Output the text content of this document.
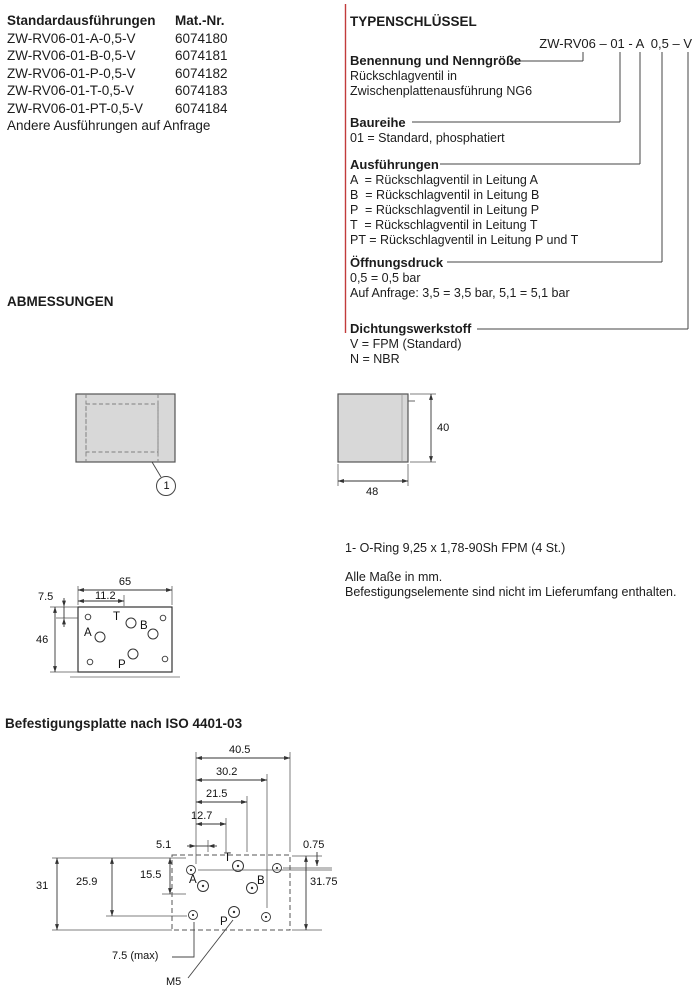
Standardausführungen	Mat.-Nr.
ZW-RV06-01-A-0,5-V	6074180
ZW-RV06-01-B-0,5-V	6074181
ZW-RV06-01-P-0,5-V	6074182
ZW-RV06-01-T-0,5-V	6074183
ZW-RV06-01-PT-0,5-V	6074184
Andere Ausführungen auf Anfrage
TYPENSCHLÜSSEL
ZW-RV06 – 01 - A  0,5 – V
Benennung und Nenngröße
Rückschlagventil in
Zwischenplattenausführung NG6
Baureihe
01 = Standard, phosphatiert
Ausführungen
A  = Rückschlagventil in Leitung A
B  = Rückschlagventil in Leitung B
P  = Rückschlagventil in Leitung P
T  = Rückschlagventil in Leitung T
PT = Rückschlagventil in Leitung P und T
Öffnungsdruck
0,5 = 0,5 bar
Auf Anfrage: 3,5 = 3,5 bar, 5,1 = 5,1 bar
Dichtungswerkstoff
V = FPM (Standard)
N = NBR
ABMESSUNGEN
Befestigungsplatte nach ISO 4401-03
1- O-Ring 9,25 x 1,78-90Sh FPM (4 St.)
Alle Maße in mm.
Befestigungselemente sind nicht im Lieferumfang enthalten.
1
40
48
65
11.2
7.5
46
T
A
B
P
40.5
30.2
21.5
12.7
5.1	0.75
15.5
25.9
31	31.75
T
A	B
P
7.5 (max)
M5
